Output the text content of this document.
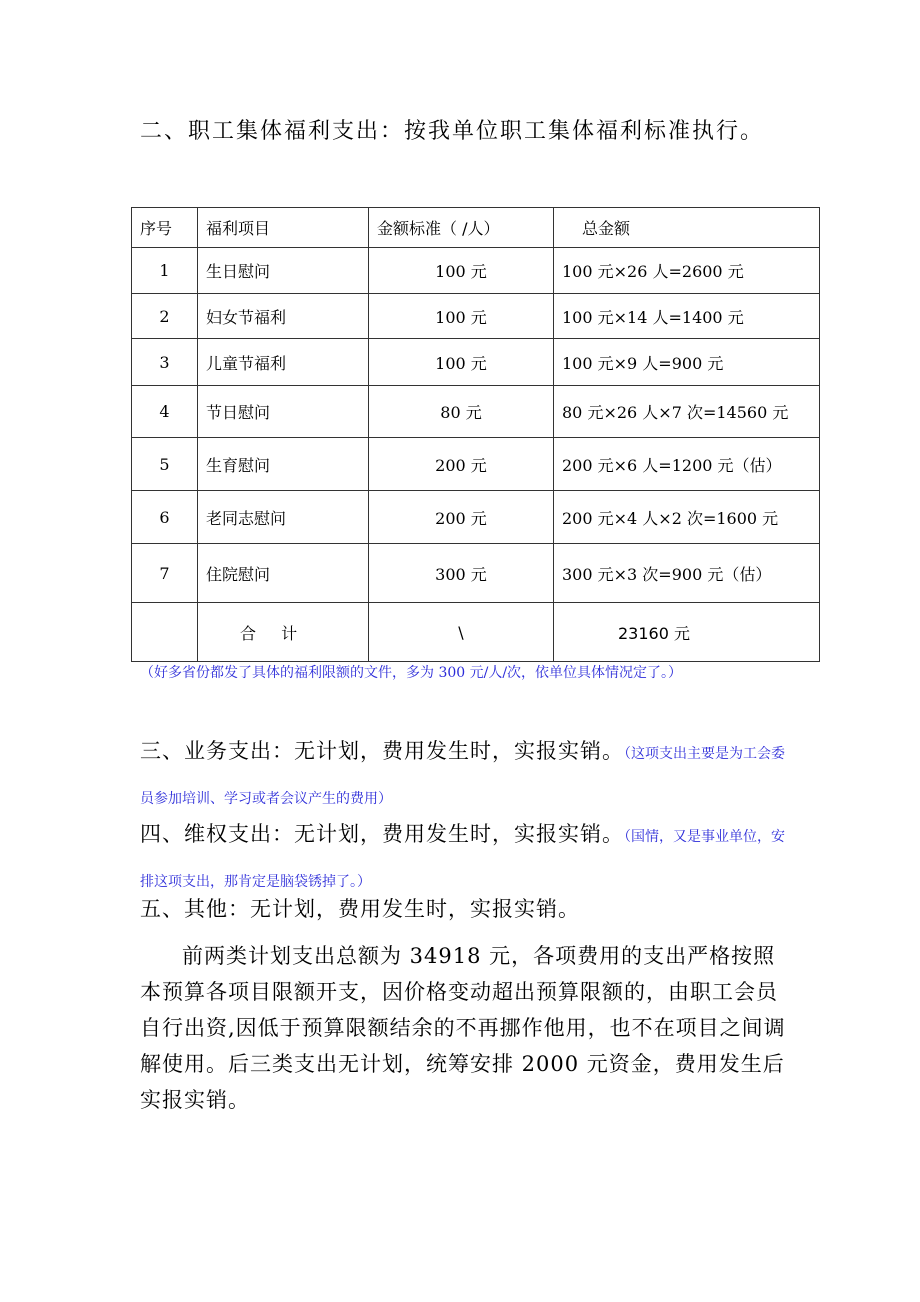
二、职工集体福利支出：按我单位职工集体福利标准执行。
序号	福利项目	金额标准（ /人）	总金额
1	生日慰问	100 元	100 元×26 人=2600 元
2	妇女节福利	100 元	100 元×14 人=1400 元
3	儿童节福利	100 元	100 元×9 人=900 元
4	节日慰问	80 元	80 元×26 人×7 次=14560 元
5	生育慰问	200 元	200 元×6 人=1200 元（估）
6	老同志慰问	200 元	200 元×4 人×2 次=1600 元
7	住院慰问	300 元	300 元×3 次=900 元（估）
	合 计	\	23160 元

（好多省份都发了具体的福利限额的文件，多为 300 元/人/次，依单位具体情况定了。）

三、业务支出：无计划，费用发生时，实报实销。（这项支出主要是为工会委员参加培训、学习或者会议产生的费用）

四、维权支出：无计划，费用发生时，实报实销。（国情，又是事业单位，安排这项支出，那肯定是脑袋锈掉了。）

五、其他：无计划，费用发生时，实报实销。

前两类计划支出总额为 34918 元，各项费用的支出严格按照本预算各项目限额开支，因价格变动超出预算限额的，由职工会员自行出资,因低于预算限额结余的不再挪作他用，也不在项目之间调解使用。后三类支出无计划，统筹安排 2000 元资金，费用发生后实报实销。
